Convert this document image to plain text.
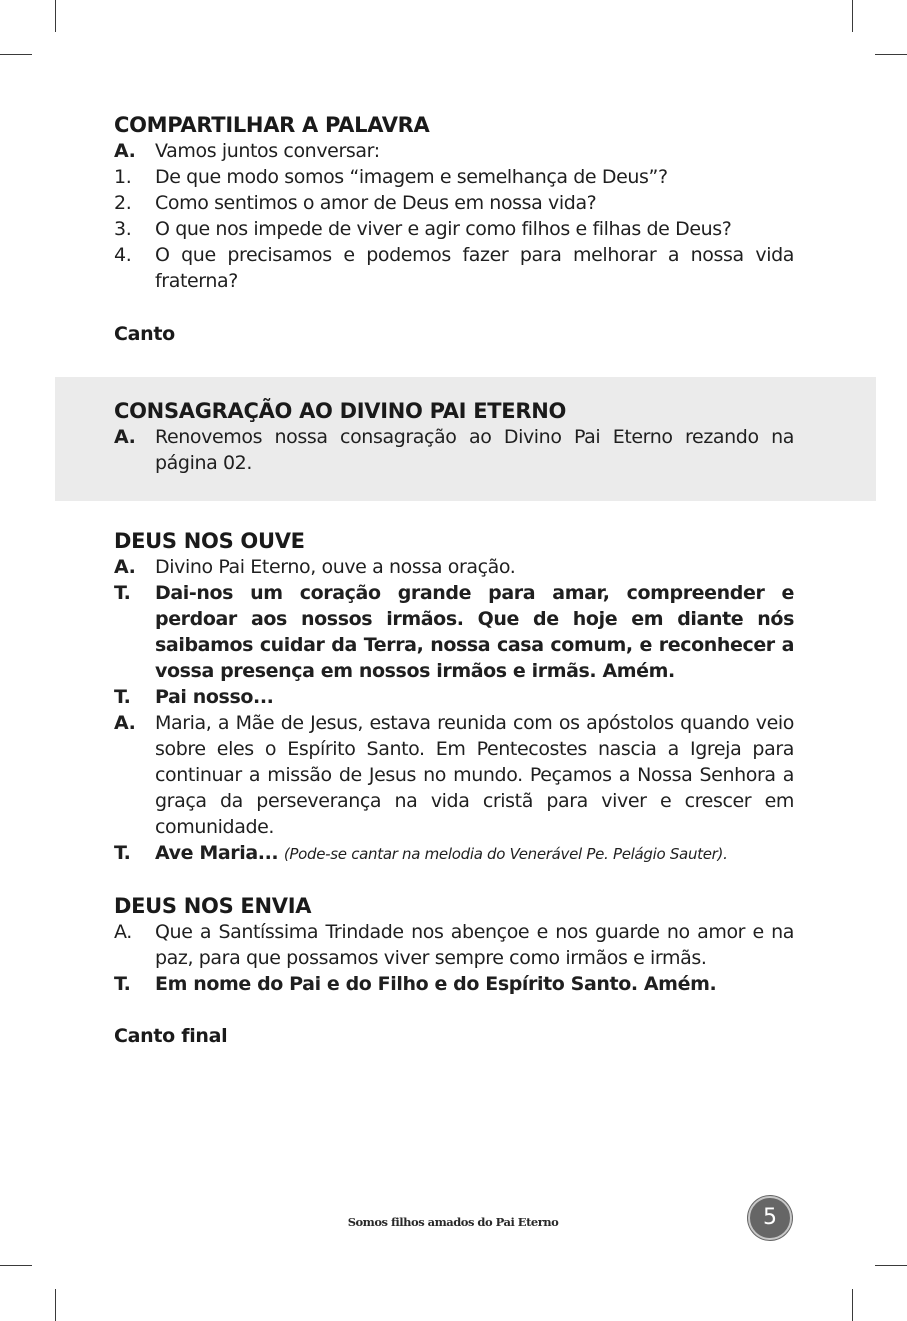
COMPARTILHAR A PALAVRA
A.	Vamos juntos conversar:
1.	De que modo somos “imagem e semelhança de Deus”?
2.	Como sentimos o amor de Deus em nossa vida?
3.	O que nos impede de viver e agir como filhos e filhas de Deus?
4.	O que precisamos e podemos fazer para melhorar a nossa vida fraterna?
Canto
CONSAGRAÇÃO AO DIVINO PAI ETERNO
A.	Renovemos nossa consagração ao Divino Pai Eterno rezando na página 02.
DEUS NOS OUVE
A.	Divino Pai Eterno, ouve a nossa oração.
T.	Dai-nos um coração grande para amar, compreender e perdoar aos nossos irmãos. Que de hoje em diante nós saibamos cuidar da Terra, nossa casa comum, e reconhecer a vossa presença em nossos irmãos e irmãs. Amém.
T.	Pai nosso...
A.	Maria, a Mãe de Jesus, estava reunida com os apóstolos quando veio sobre eles o Espírito Santo. Em Pentecostes nascia a Igreja para continuar a missão de Jesus no mundo. Peçamos a Nossa Senhora a graça da perseverança na vida cristã para viver e crescer em comunidade.
T.	Ave Maria... (Pode-se cantar na melodia do Venerável Pe. Pelágio Sauter).
DEUS NOS ENVIA
A.	Que a Santíssima Trindade nos abençoe e nos guarde no amor e na paz, para que possamos viver sempre como irmãos e irmãs.
T.	Em nome do Pai e do Filho e do Espírito Santo. Amém.
Canto final
Somos filhos amados do Pai Eterno	5
